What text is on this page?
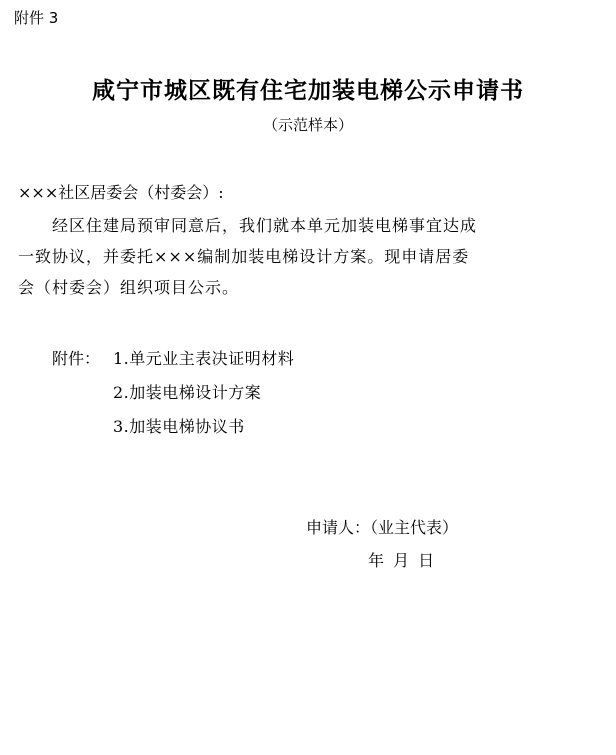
附件 3
咸宁市城区既有住宅加装电梯公示申请书
（示范样本）
×××社区居委会（村委会）:
经区住建局预审同意后，我们就本单元加装电梯事宜达成
一致协议，并委托×××编制加装电梯设计方案。现申请居委
会（村委会）组织项目公示。
附件： 1.单元业主表决证明材料
2.加装电梯设计方案
3.加装电梯协议书
申请人：（业主代表）
年 月 日
